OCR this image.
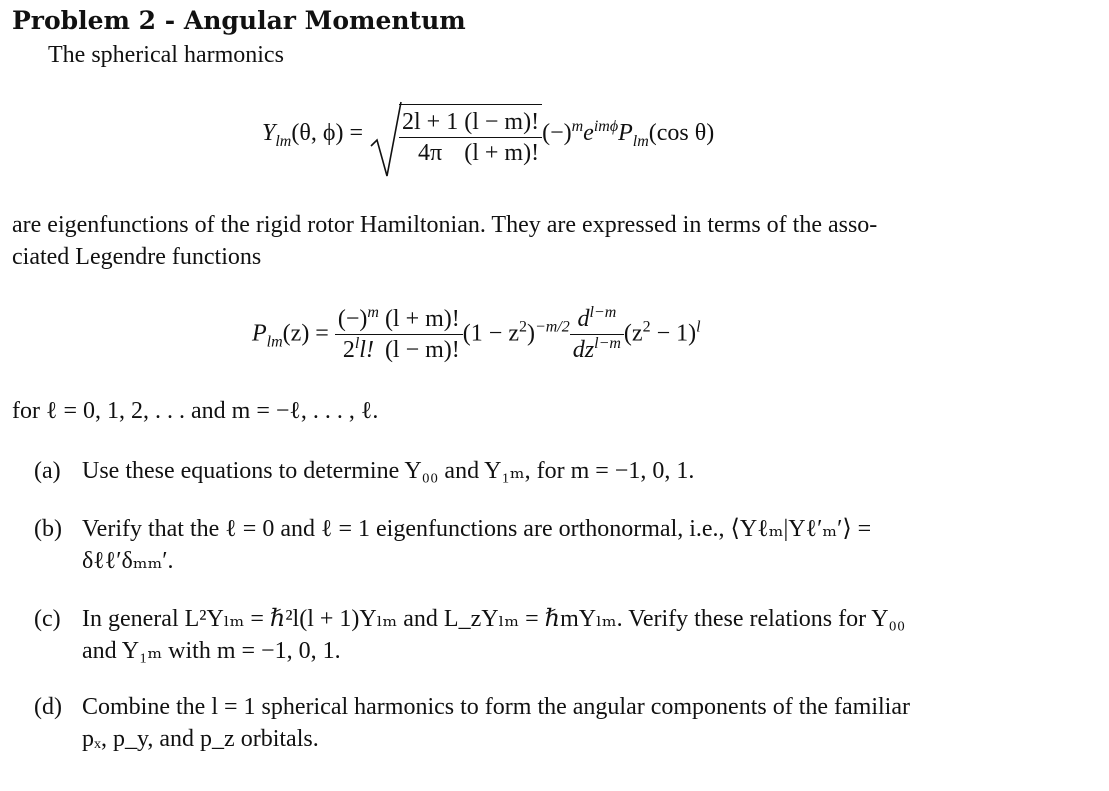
Problem 2 - Angular Momentum
The spherical harmonics
$Y_{lm}(\theta$, $\phi) = \frac{2l + 1}{4\pi} \frac{(l - m)!}{(l + m)!} (-)^me^{im\phi}P_{lm}(\cos$ θ)
are eigenfunctions of the rigid rotor Hamiltonian. They are expressed in terms of the asso-
ciated Legendre functions
$P_{lm}(z) = \frac{(-)^m}{2^ll!} \frac{(l + m)!}{(l - m)!} (1 - z^2)^{-m/2} \frac{d^{l-m}}{dz^{l-m}} (z^2 - 1)^l$
for ℓ = 0, 1, 2, . . . and m = −ℓ, . . . , ℓ.
(a) Use these equations to determine Y₀₀ and Y₁ₘ, for m = −1, 0, 1.
(b) Verify that the ℓ = 0 and ℓ = 1 eigenfunctions are orthonormal, i.e., ⟨Yℓₘ|Yℓ′ₘ′⟩ =
δℓℓ′δₘₘ′.
(c) In general L²Yₗₘ = ℏ²l(l + 1)Yₗₘ and L_zYₗₘ = ℏmYₗₘ. Verify these relations for Y₀₀
and Y₁ₘ with m = −1, 0, 1.
(d) Combine the l = 1 spherical harmonics to form the angular components of the familiar
pₓ, p_y, and p_z orbitals.
